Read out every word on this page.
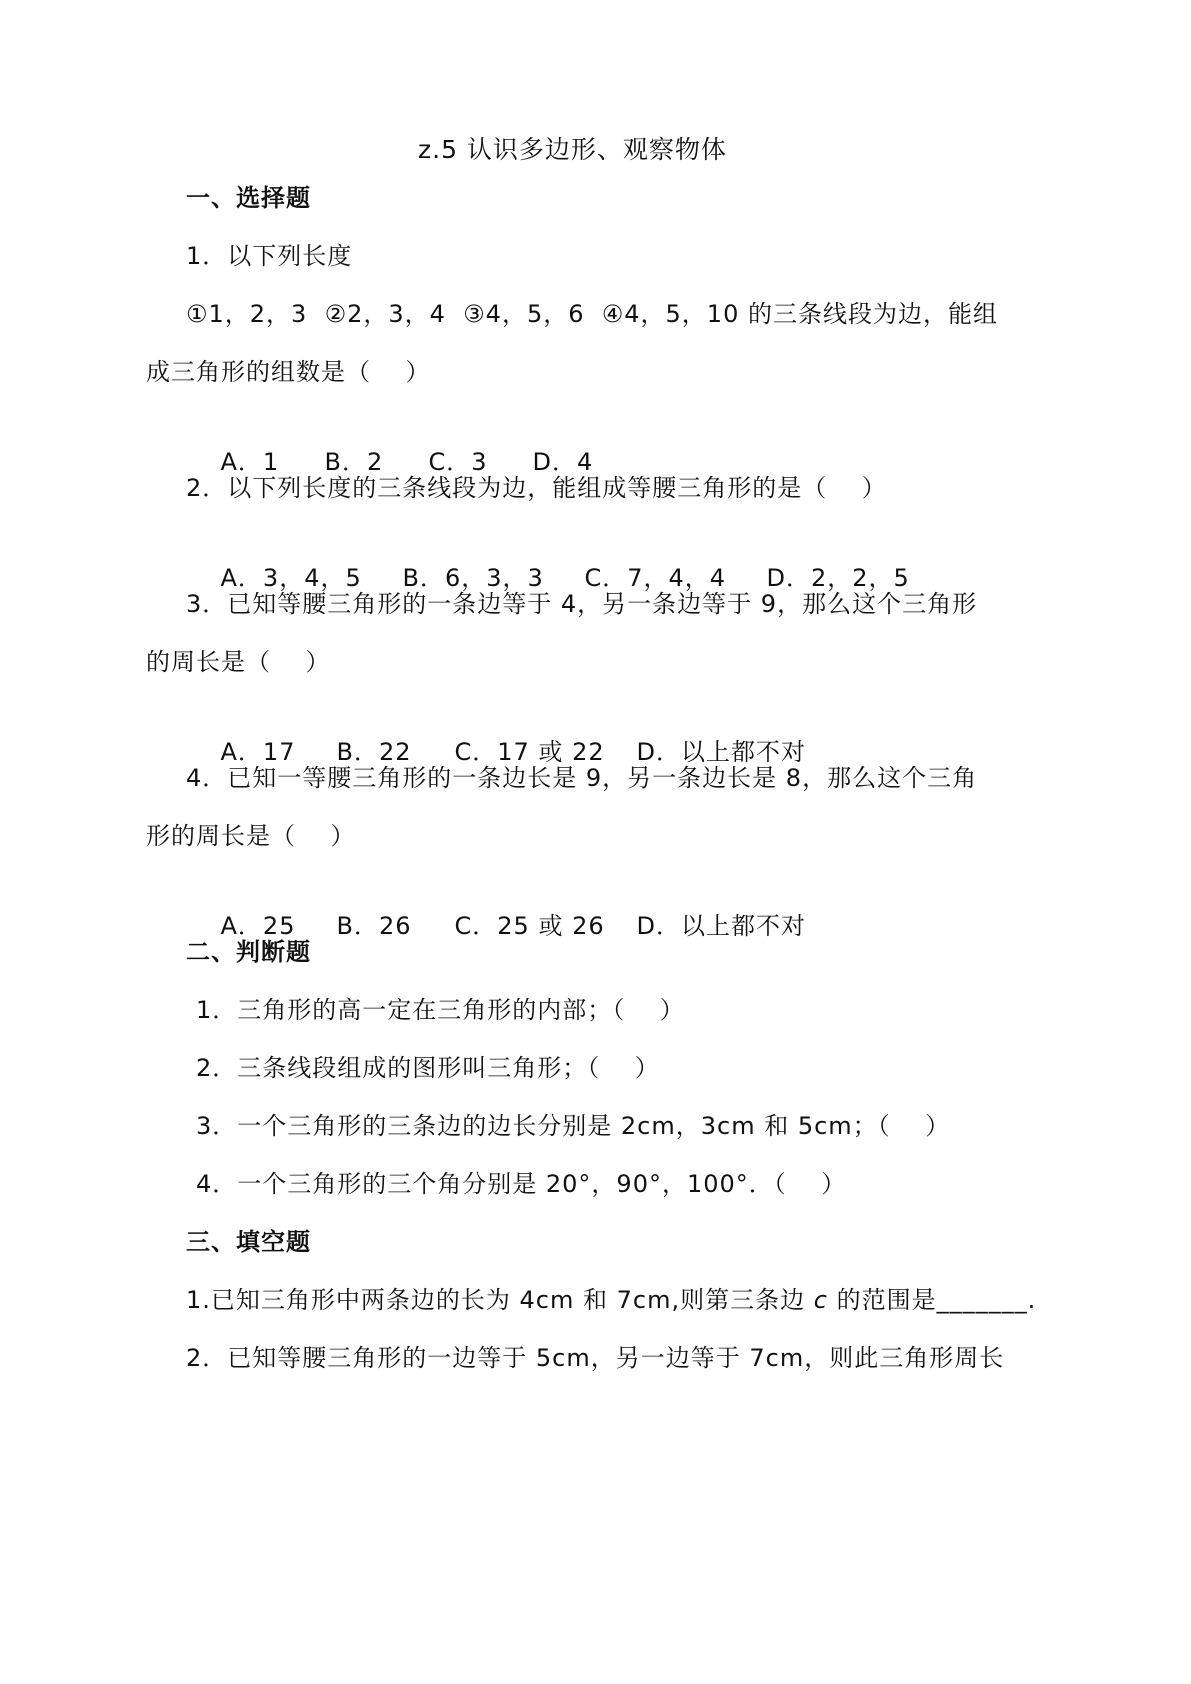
z.5 认识多边形、观察物体
一、选择题
1．以下列长度
①1，2，3  ②2，3，4  ③4，5，6  ④4，5，10 的三条线段为边，能组
成三角形的组数是（    ）

A．1 B．2 C．3 D．4

2．以下列长度的三条线段为边，能组成等腰三角形的是（    ）

A．3，4，5 B．6，3，3 C．7，4，4 D．2，2，5

3．已知等腰三角形的一条边等于 4，另一条边等于 9，那么这个三角形
的周长是（    ）

A．17 B．22 C．17 或 22 D．以上都不对

4．已知一等腰三角形的一条边长是 9，另一条边长是 8，那么这个三角
形的周长是（    ）

A．25 B．26 C．25 或 26 D．以上都不对

二、判断题
1．三角形的高一定在三角形的内部；（    ）
2．三条线段组成的图形叫三角形；（    ）
3．一个三角形的三条边的边长分别是 2cm，3cm 和 5cm；（    ）
4．一个三角形的三个角分别是 20°，90°，100°．（    ）
三、填空题
1.已知三角形中两条边的长为 4cm 和 7cm,则第三条边 c 的范围是_______.
2．已知等腰三角形的一边等于 5cm，另一边等于 7cm，则此三角形周长
